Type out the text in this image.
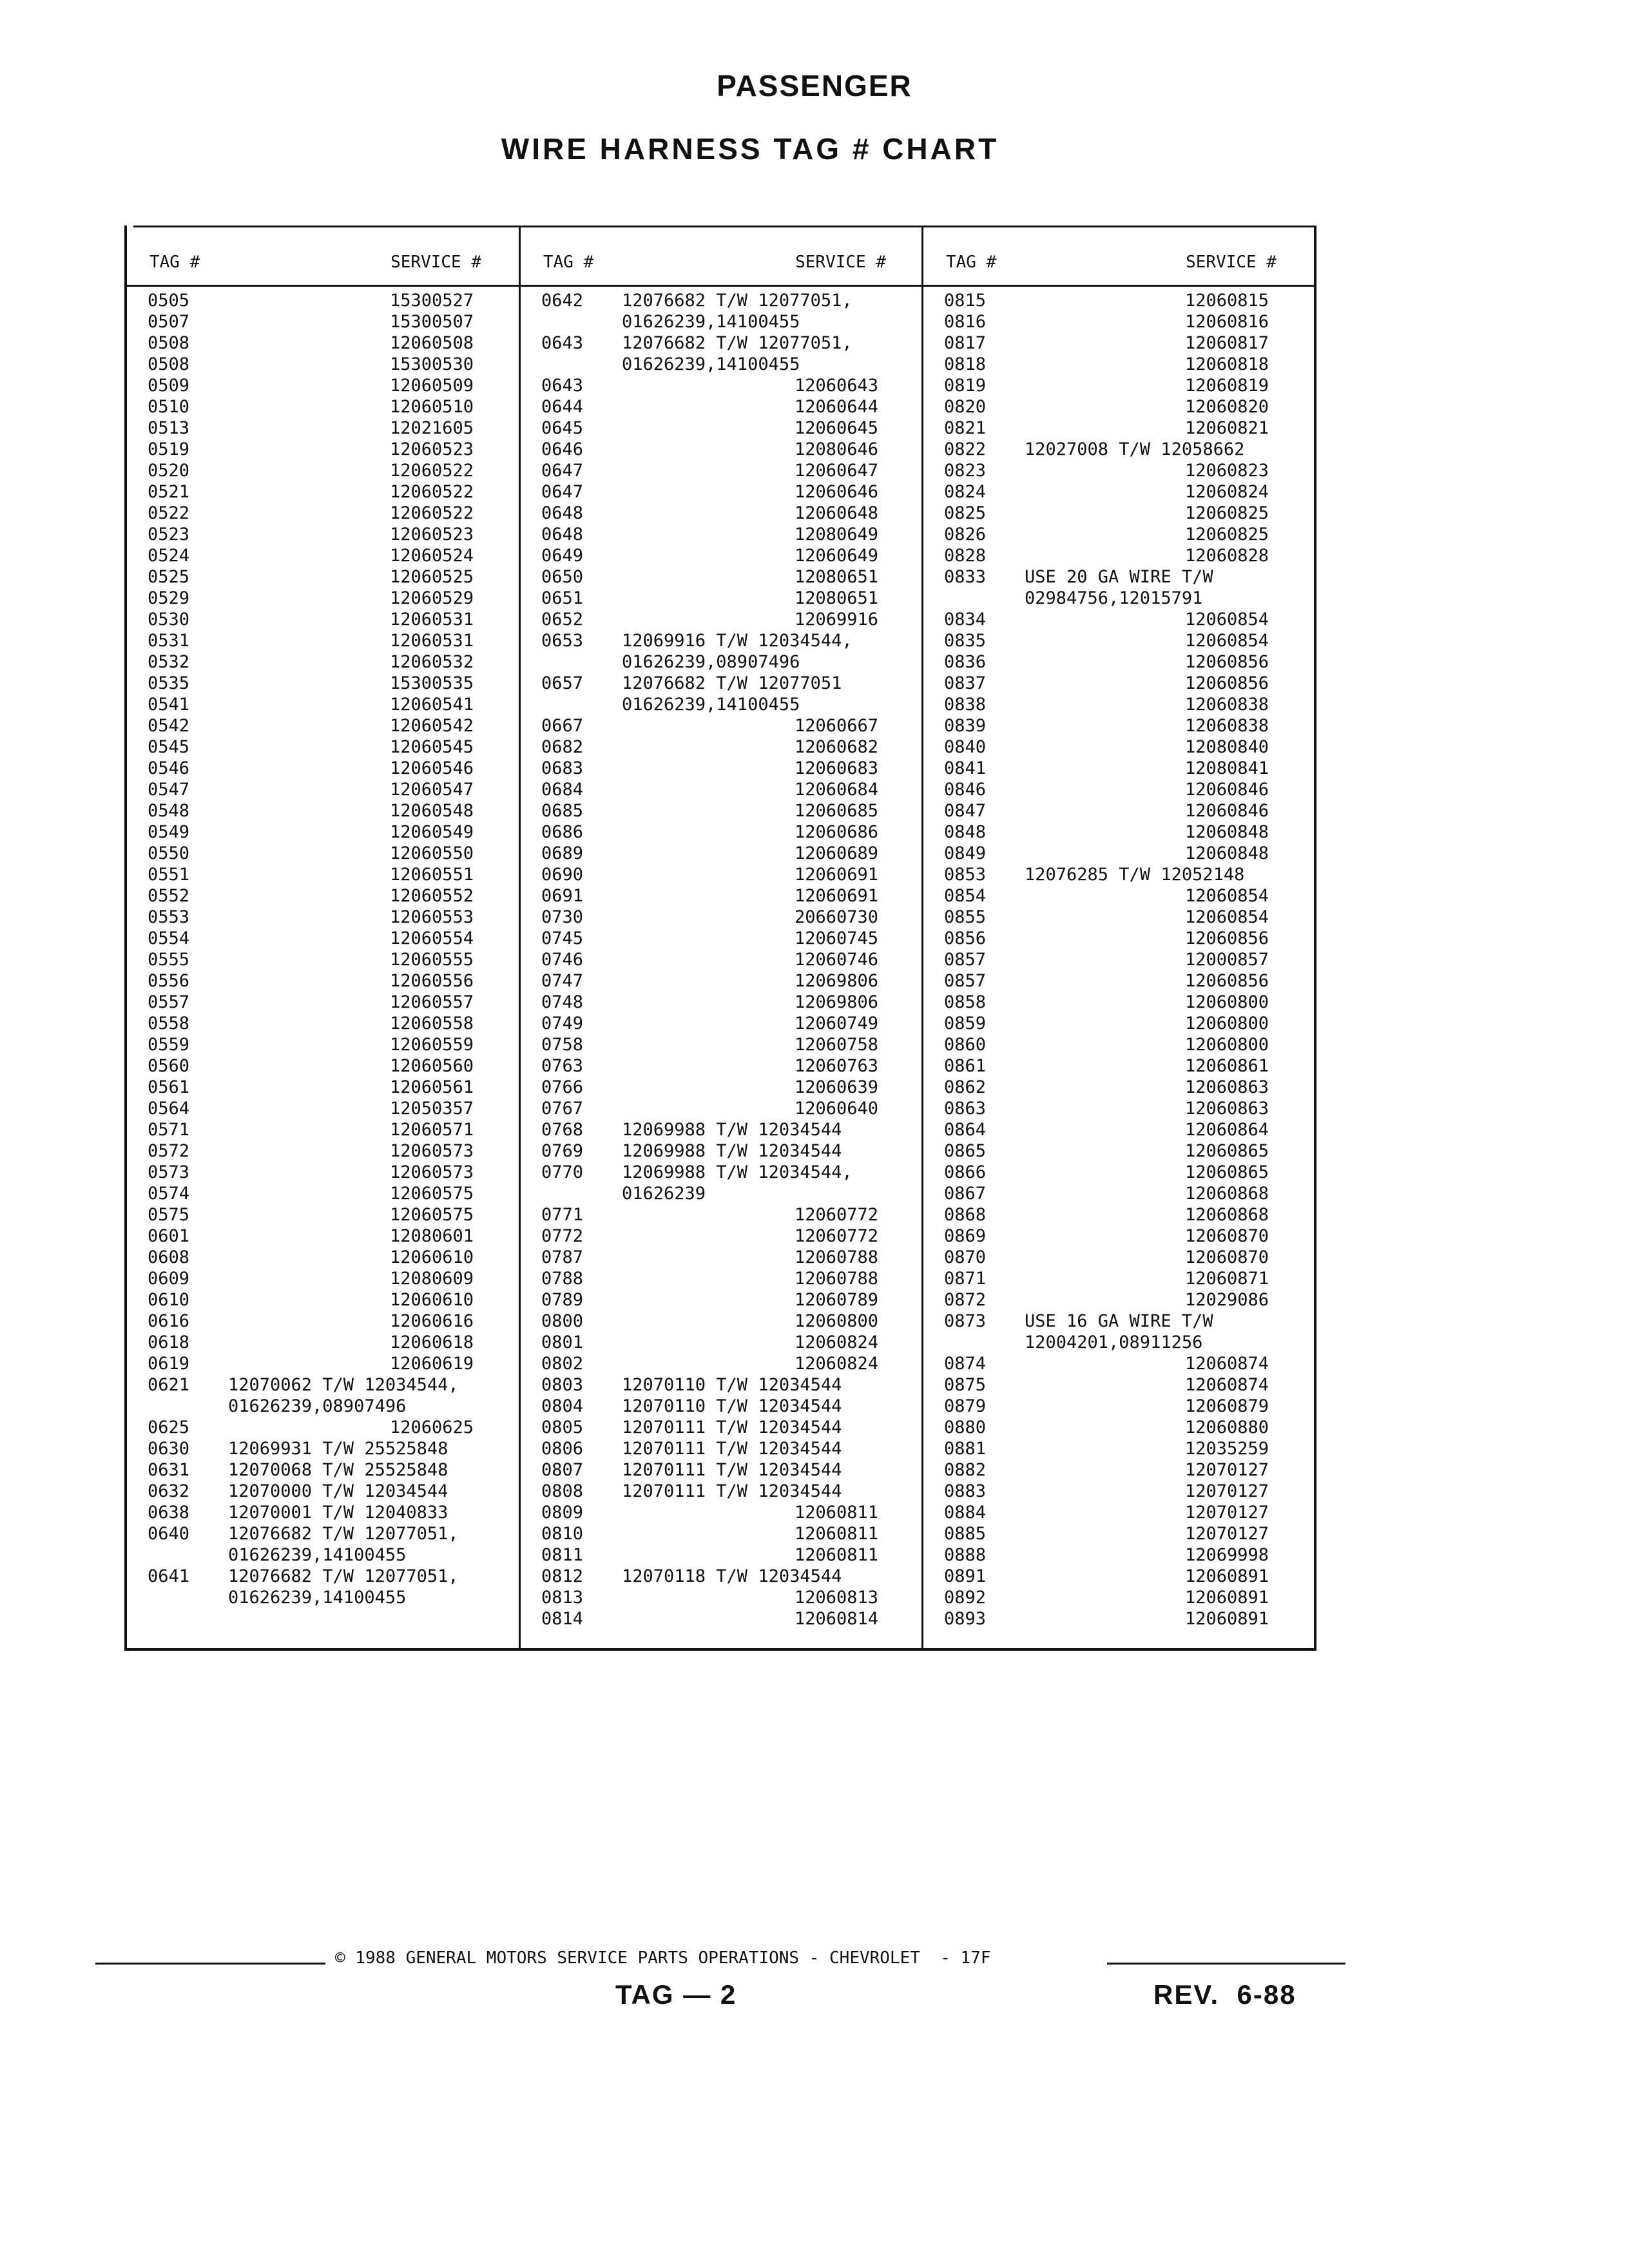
PASSENGER
WIRE HARNESS TAG # CHART
TAG #	SERVICE #
0505	15300527
0507	15300507
0508	12060508
0508	15300530
0509	12060509
0510	12060510
0513	12021605
0519	12060523
0520	12060522
0521	12060522
0522	12060522
0523	12060523
0524	12060524
0525	12060525
0529	12060529
0530	12060531
0531	12060531
0532	12060532
0535	15300535
0541	12060541
0542	12060542
0545	12060545
0546	12060546
0547	12060547
0548	12060548
0549	12060549
0550	12060550
0551	12060551
0552	12060552
0553	12060553
0554	12060554
0555	12060555
0556	12060556
0557	12060557
0558	12060558
0559	12060559
0560	12060560
0561	12060561
0564	12050357
0571	12060571
0572	12060573
0573	12060573
0574	12060575
0575	12060575
0601	12080601
0608	12060610
0609	12080609
0610	12060610
0616	12060616
0618	12060618
0619	12060619
0621 12070062 T/W 12034544,
01626239,08907496
0625	12060625
0630 12069931 T/W 25525848
0631 12070068 T/W 25525848
0632 12070000 T/W 12034544
0638 12070001 T/W 12040833
0640 12076682 T/W 12077051,
01626239,14100455
0641 12076682 T/W 12077051,
01626239,14100455
TAG #	SERVICE #
0642 12076682 T/W 12077051,
01626239,14100455
0643 12076682 T/W 12077051,
01626239,14100455
0643	12060643
0644	12060644
0645	12060645
0646	12080646
0647	12060647
0647	12060646
0648	12060648
0648	12080649
0649	12060649
0650	12080651
0651	12080651
0652	12069916
0653 12069916 T/W 12034544,
01626239,08907496
0657 12076682 T/W 12077051
01626239,14100455
0667	12060667
0682	12060682
0683	12060683
0684	12060684
0685	12060685
0686	12060686
0689	12060689
0690	12060691
0691	12060691
0730	20660730
0745	12060745
0746	12060746
0747	12069806
0748	12069806
0749	12060749
0758	12060758
0763	12060763
0766	12060639
0767	12060640
0768 12069988 T/W 12034544
0769 12069988 T/W 12034544
0770 12069988 T/W 12034544,
01626239
0771	12060772
0772	12060772
0787	12060788
0788	12060788
0789	12060789
0800	12060800
0801	12060824
0802	12060824
0803 12070110 T/W 12034544
0804 12070110 T/W 12034544
0805 12070111 T/W 12034544
0806 12070111 T/W 12034544
0807 12070111 T/W 12034544
0808 12070111 T/W 12034544
0809	12060811
0810	12060811
0811	12060811
0812 12070118 T/W 12034544
0813	12060813
0814	12060814
TAG #	SERVICE #
0815	12060815
0816	12060816
0817	12060817
0818	12060818
0819	12060819
0820	12060820
0821	12060821
0822 12027008 T/W 12058662
0823	12060823
0824	12060824
0825	12060825
0826	12060825
0828	12060828
0833 USE 20 GA WIRE T/W
02984756,12015791
0834	12060854
0835	12060854
0836	12060856
0837	12060856
0838	12060838
0839	12060838
0840	12080840
0841	12080841
0846	12060846
0847	12060846
0848	12060848
0849	12060848
0853 12076285 T/W 12052148
0854	12060854
0855	12060854
0856	12060856
0857	12000857
0857	12060856
0858	12060800
0859	12060800
0860	12060800
0861	12060861
0862	12060863
0863	12060863
0864	12060864
0865	12060865
0866	12060865
0867	12060868
0868	12060868
0869	12060870
0870	12060870
0871	12060871
0872	12029086
0873 USE 16 GA WIRE T/W
12004201,08911256
0874	12060874
0875	12060874
0879	12060879
0880	12060880
0881	12035259
0882	12070127
0883	12070127
0884	12070127
0885	12070127
0888	12069998
0891	12060891
0892	12060891
0893	12060891
© 1988 GENERAL MOTORS SERVICE PARTS OPERATIONS - CHEVROLET  - 17F
TAG — 2	REV.  6-88
